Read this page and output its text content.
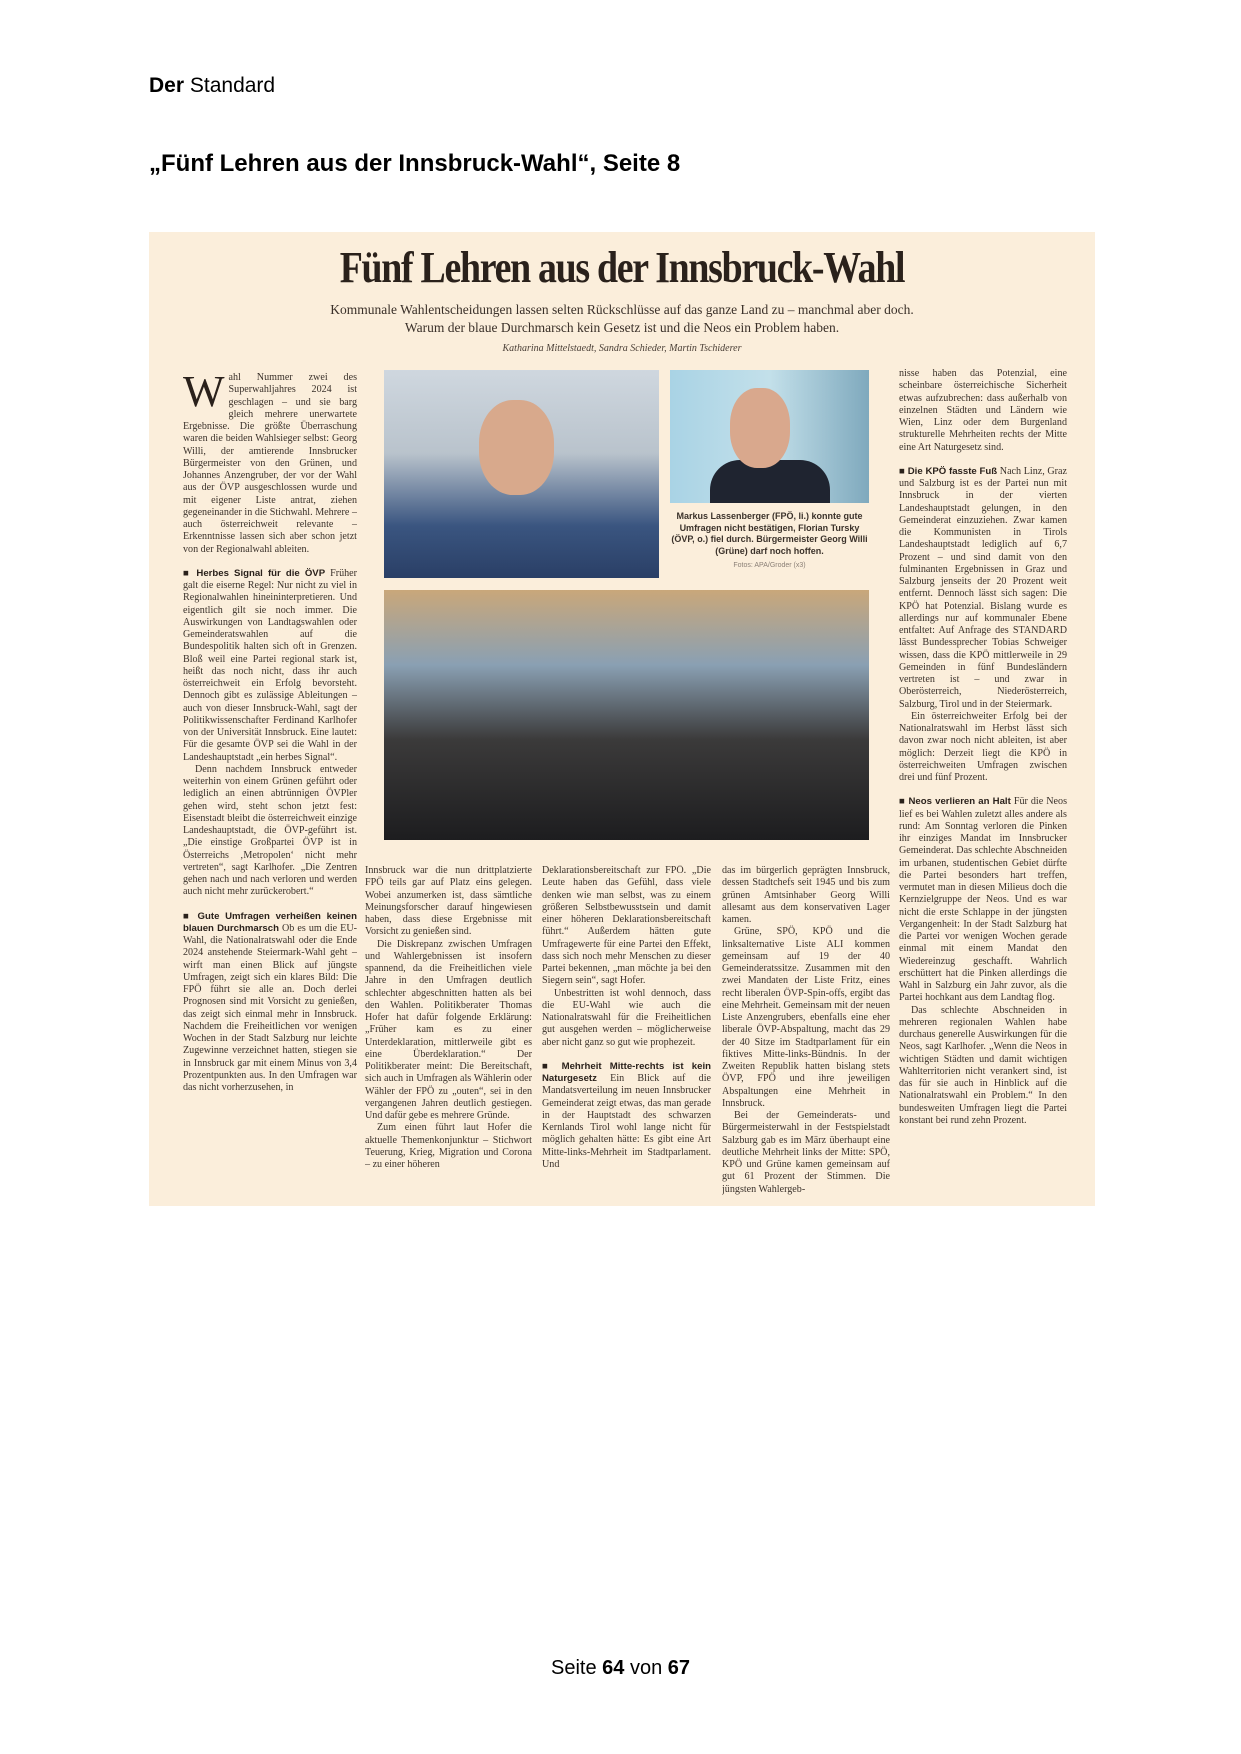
Der Standard
„Fünf Lehren aus der Innsbruck-Wahl“, Seite 8
Fünf Lehren aus der Innsbruck-Wahl
Kommunale Wahlentscheidungen lassen selten Rückschlüsse auf das ganze Land zu – manchmal aber doch.
Warum der blaue Durchmarsch kein Gesetz ist und die Neos ein Problem haben.
Katharina Mittelstaedt, Sandra Schieder, Martin Tschiderer
Markus Lassenberger (FPÖ, li.) konnte gute Umfragen nicht bestätigen, Florian Tursky (ÖVP, o.) fiel durch. Bürgermeister Georg Willi (Grüne) darf noch hoffen.
Fotos: APA/Groder (x3)

Wahl Nummer zwei des Superwahljahres 2024 ist geschlagen – und sie barg gleich mehrere unerwartete Ergebnisse. Die größte Überraschung waren die beiden Wahlsieger selbst: Georg Willi, der amtierende Innsbrucker Bürgermeister von den Grünen, und Johannes Anzengruber, der vor der Wahl aus der ÖVP ausgeschlossen wurde und mit eigener Liste antrat, ziehen gegeneinander in die Stichwahl. Mehrere – auch österreichweit relevante – Erkenntnisse lassen sich aber schon jetzt von der Regionalwahl ableiten.

■ Herbes Signal für die ÖVP Früher galt die eiserne Regel: Nur nicht zu viel in Regionalwahlen hineininterpretieren. Und eigentlich gilt sie noch immer. Die Auswirkungen von Landtagswahlen oder Gemeinderatswahlen auf die Bundespolitik halten sich oft in Grenzen. Bloß weil eine Partei regional stark ist, heißt das noch nicht, dass ihr auch österreichweit ein Erfolg bevorsteht. Dennoch gibt es zulässige Ableitungen – auch von dieser Innsbruck-Wahl, sagt der Politikwissenschafter Ferdinand Karlhofer von der Universität Innsbruck. Eine lautet: Für die gesamte ÖVP sei die Wahl in der Landeshauptstadt „ein herbes Signal“.

Denn nachdem Innsbruck entweder weiterhin von einem Grünen geführt oder lediglich an einen abtrünnigen ÖVPler gehen wird, steht schon jetzt fest: Eisenstadt bleibt die österreichweit einzige Landeshauptstadt, die ÖVP-geführt ist. „Die einstige Großpartei ÖVP ist in Österreichs ‚Metropolen‘ nicht mehr vertreten“, sagt Karlhofer. „Die Zentren gehen nach und nach verloren und werden auch nicht mehr zurückerobert.“

■ Gute Umfragen verheißen keinen blauen Durchmarsch Ob es um die EU-Wahl, die Nationalratswahl oder die Ende 2024 anstehende Steiermark-Wahl geht – wirft man einen Blick auf jüngste Umfragen, zeigt sich ein klares Bild: Die FPÖ führt sie alle an. Doch derlei Prognosen sind mit Vorsicht zu genießen, das zeigt sich einmal mehr in Innsbruck. Nachdem die Freiheitlichen vor wenigen Wochen in der Stadt Salzburg nur leichte Zugewinne verzeichnet hatten, stiegen sie in Innsbruck gar mit einem Minus von 3,4 Prozentpunkten aus. In den Umfragen war das nicht vorherzusehen, in

Innsbruck war die nun drittplatzierte FPÖ teils gar auf Platz eins gelegen. Wobei anzumerken ist, dass sämtliche Meinungsforscher darauf hingewiesen haben, dass diese Ergebnisse mit Vorsicht zu genießen sind.

Die Diskrepanz zwischen Umfragen und Wahlergebnissen ist insofern spannend, da die Freiheitlichen viele Jahre in den Umfragen deutlich schlechter abgeschnitten hatten als bei den Wahlen. Politikberater Thomas Hofer hat dafür folgende Erklärung: „Früher kam es zu einer Unterdeklaration, mittlerweile gibt es eine Überdeklaration.“ Der Politikberater meint: Die Bereitschaft, sich auch in Umfragen als Wählerin oder Wähler der FPÖ zu „outen“, sei in den vergangenen Jahren deutlich gestiegen. Und dafür gebe es mehrere Gründe.

Zum einen führt laut Hofer die aktuelle Themenkonjunktur – Stichwort Teuerung, Krieg, Migration und Corona – zu einer höheren

Deklarationsbereitschaft zur FPÖ. „Die Leute haben das Gefühl, dass viele denken wie man selbst, was zu einem größeren Selbstbewusstsein und damit einer höheren Deklarationsbereitschaft führt.“ Außerdem hätten gute Umfragewerte für eine Partei den Effekt, dass sich noch mehr Menschen zu dieser Partei bekennen, „man möchte ja bei den Siegern sein“, sagt Hofer.

Unbestritten ist wohl dennoch, dass die EU-Wahl wie auch die Nationalratswahl für die Freiheitlichen gut ausgehen werden – möglicherweise aber nicht ganz so gut wie prophezeit.

■ Mehrheit Mitte-rechts ist kein Naturgesetz Ein Blick auf die Mandatsverteilung im neuen Innsbrucker Gemeinderat zeigt etwas, das man gerade in der Hauptstadt des schwarzen Kernlands Tirol wohl lange nicht für möglich gehalten hätte: Es gibt eine Art Mitte-links-Mehrheit im Stadtparlament. Und

das im bürgerlich geprägten Innsbruck, dessen Stadtchefs seit 1945 und bis zum grünen Amtsinhaber Georg Willi allesamt aus dem konservativen Lager kamen.

Grüne, SPÖ, KPÖ und die linksalternative Liste ALI kommen gemeinsam auf 19 der 40 Gemeinderatssitze. Zusammen mit den zwei Mandaten der Liste Fritz, eines recht liberalen ÖVP-Spin-offs, ergibt das eine Mehrheit. Gemeinsam mit der neuen Liste Anzengrubers, ebenfalls eine eher liberale ÖVP-Abspaltung, macht das 29 der 40 Sitze im Stadtparlament für ein fiktives Mitte-links-Bündnis. In der Zweiten Republik hatten bislang stets ÖVP, FPÖ und ihre jeweiligen Abspaltungen eine Mehrheit in Innsbruck.

Bei der Gemeinderats- und Bürgermeisterwahl in der Festspielstadt Salzburg gab es im März überhaupt eine deutliche Mehrheit links der Mitte: SPÖ, KPÖ und Grüne kamen gemeinsam auf gut 61 Prozent der Stimmen. Die jüngsten Wahlergeb-

nisse haben das Potenzial, eine scheinbare österreichische Sicherheit etwas aufzubrechen: dass außerhalb von einzelnen Städten und Ländern wie Wien, Linz oder dem Burgenland strukturelle Mehrheiten rechts der Mitte eine Art Naturgesetz sind.

■ Die KPÖ fasste Fuß Nach Linz, Graz und Salzburg ist es der Partei nun mit Innsbruck in der vierten Landeshauptstadt gelungen, in den Gemeinderat einzuziehen. Zwar kamen die Kommunisten in Tirols Landeshauptstadt lediglich auf 6,7 Prozent – und sind damit von den fulminanten Ergebnissen in Graz und Salzburg jenseits der 20 Prozent weit entfernt. Dennoch lässt sich sagen: Die KPÖ hat Potenzial. Bislang wurde es allerdings nur auf kommunaler Ebene entfaltet: Auf Anfrage des STANDARD lässt Bundessprecher Tobias Schweiger wissen, dass die KPÖ mittlerweile in 29 Gemeinden in fünf Bundesländern vertreten ist – und zwar in Oberösterreich, Niederösterreich, Salzburg, Tirol und in der Steiermark.

Ein österreichweiter Erfolg bei der Nationalratswahl im Herbst lässt sich davon zwar noch nicht ableiten, ist aber möglich: Derzeit liegt die KPÖ in österreichweiten Umfragen zwischen drei und fünf Prozent.

■ Neos verlieren an Halt Für die Neos lief es bei Wahlen zuletzt alles andere als rund: Am Sonntag verloren die Pinken ihr einziges Mandat im Innsbrucker Gemeinderat. Das schlechte Abschneiden im urbanen, studentischen Gebiet dürfte die Partei besonders hart treffen, vermutet man in diesen Milieus doch die Kernzielgruppe der Neos. Und es war nicht die erste Schlappe in der jüngsten Vergangenheit: In der Stadt Salzburg hat die Partei vor wenigen Wochen gerade einmal mit einem Mandat den Wiedereinzug geschafft. Wahrlich erschüttert hat die Pinken allerdings die Wahl in Salzburg ein Jahr zuvor, als die Partei hochkant aus dem Landtag flog.

Das schlechte Abschneiden in mehreren regionalen Wahlen habe durchaus generelle Auswirkungen für die Neos, sagt Karlhofer. „Wenn die Neos in wichtigen Städten und damit wichtigen Wahlterritorien nicht verankert sind, ist das für sie auch in Hinblick auf die Nationalratswahl ein Problem.“ In den bundesweiten Umfragen liegt die Partei konstant bei rund zehn Prozent.

Seite 64 von 67
